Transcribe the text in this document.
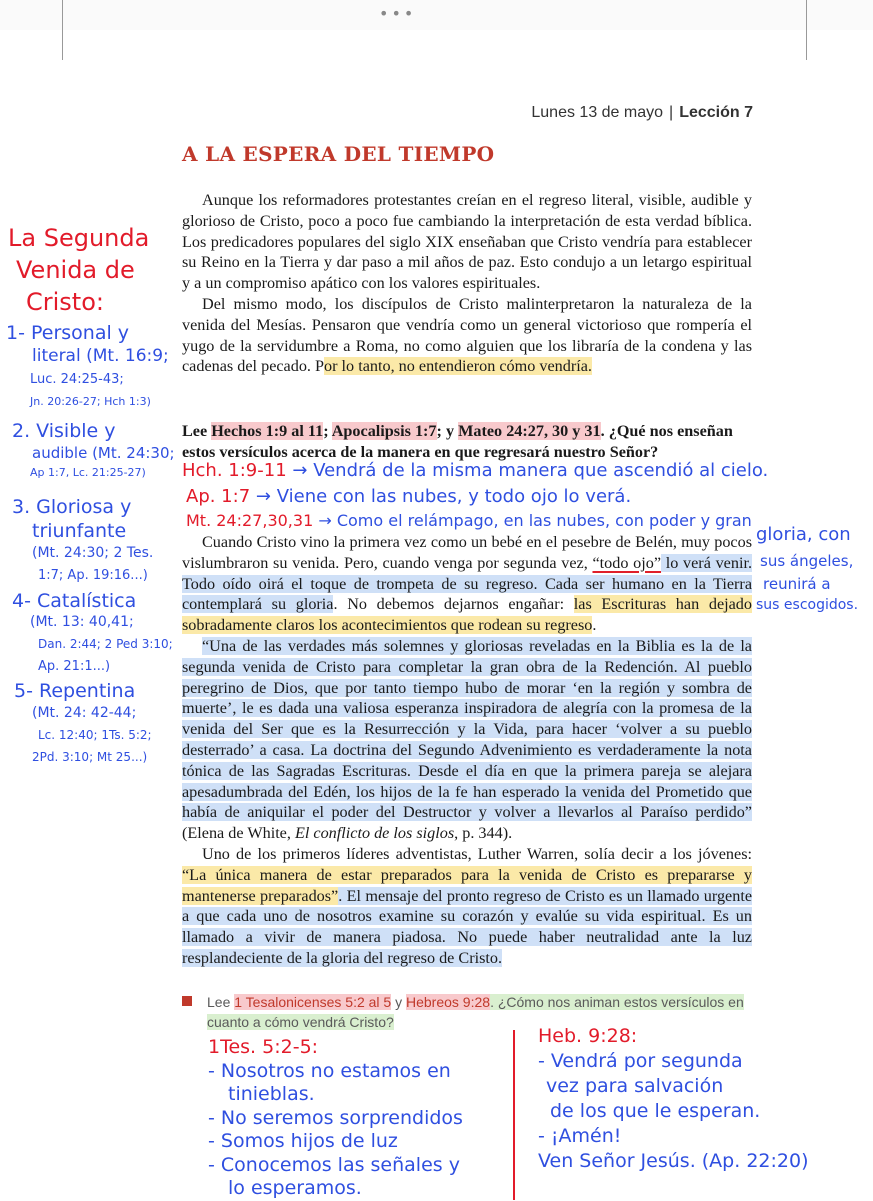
•••
Lunes 13 de mayo | Lección 7
A LA ESPERA DEL TIEMPO

Aunque los reformadores protestantes creían en el regreso literal, visible, audible y glorioso de Cristo, poco a poco fue cambiando la interpretación de esta verdad bíblica. Los predicadores populares del siglo XIX enseñaban que Cristo vendría para establecer su Reino en la Tierra y dar paso a mil años de paz. Esto condujo a un letargo espiritual y a un compromiso apático con los valores espirituales.

Del mismo modo, los discípulos de Cristo malinterpretaron la naturaleza de la venida del Mesías. Pensaron que vendría como un general victorioso que rompería el yugo de la servidumbre a Roma, no como alguien que los libraría de la condena y las cadenas del pecado. Por lo tanto, no entendieron cómo vendría.

Lee Hechos 1:9 al 11; Apocalipsis 1:7; y Mateo 24:27, 30 y 31. ¿Qué nos enseñan estos versículos acerca de la manera en que regresará nuestro Señor?
Hch. 1:9-11 → Vendrá de la misma manera que ascendió al cielo.
Ap. 1:7 → Viene con las nubes, y todo ojo lo verá.
Mt. 24:27,30,31 → Como el relámpago, en las nubes, con poder y gran

Cuando Cristo vino la primera vez como un bebé en el pesebre de Belén, muy pocos vislumbraron su venida. Pero, cuando venga por segunda vez, “todo ojo” lo verá venir. Todo oído oirá el toque de trompeta de su regreso. Cada ser humano en la Tierra contemplará su gloria. No debemos dejarnos engañar: las Escrituras han dejado sobradamente claros los acontecimientos que rodean su regreso.

“Una de las verdades más solemnes y gloriosas reveladas en la Biblia es la de la segunda venida de Cristo para completar la gran obra de la Redención. Al pueblo peregrino de Dios, que por tanto tiempo hubo de morar ‘en la región y sombra de muerte’, le es dada una valiosa esperanza inspiradora de alegría con la promesa de la venida del Ser que es la Resurrección y la Vida, para hacer ‘volver a su pueblo desterrado’ a casa. La doctrina del Segundo Advenimiento es verdaderamente la nota tónica de las Sagradas Escrituras. Desde el día en que la primera pareja se alejara apesadumbrada del Edén, los hijos de la fe han esperado la venida del Prometido que había de aniquilar el poder del Destructor y volver a llevarlos al Paraíso perdido” (Elena de White, El conflicto de los siglos, p. 344).

Uno de los primeros líderes adventistas, Luther Warren, solía decir a los jóvenes: “La única manera de estar preparados para la venida de Cristo es prepararse y mantenerse preparados”. El mensaje del pronto regreso de Cristo es un llamado urgente a que cada uno de nosotros examine su corazón y evalúe su vida espiritual. Es un llamado a vivir de manera piadosa. No puede haber neutralidad ante la luz resplandeciente de la gloria del regreso de Cristo.

gloria, con
sus ángeles,
reunirá a
sus escogidos.
La Segunda
Venida de
Cristo:
1- Personal y
literal (Mt. 16:9;
Luc. 24:25-43;
Jn. 20:26-27; Hch 1:3)
2. Visible y
audible (Mt. 24:30;
Ap 1:7, Lc. 21:25-27)
3. Gloriosa y
triunfante
(Mt. 24:30; 2 Tes.
1:7; Ap. 19:16...)
4- Catalística
(Mt. 13: 40,41;
Dan. 2:44; 2 Ped 3:10;
Ap. 21:1...)
5- Repentina
(Mt. 24: 42-44;
Lc. 12:40; 1Ts. 5:2;
2Pd. 3:10; Mt 25...)
Lee 1 Tesalonicenses 5:2 al 5 y Hebreos 9:28. ¿Cómo nos animan estos versículos en cuanto a cómo vendrá Cristo?
1Tes. 5:2-5:
- Nosotros no estamos en
tinieblas.
- No seremos sorprendidos
- Somos hijos de luz
- Conocemos las señales y
lo esperamos.
Heb. 9:28:
- Vendrá por segunda
vez para salvación
de los que le esperan.
- ¡Amén!
Ven Señor Jesús. (Ap. 22:20)
